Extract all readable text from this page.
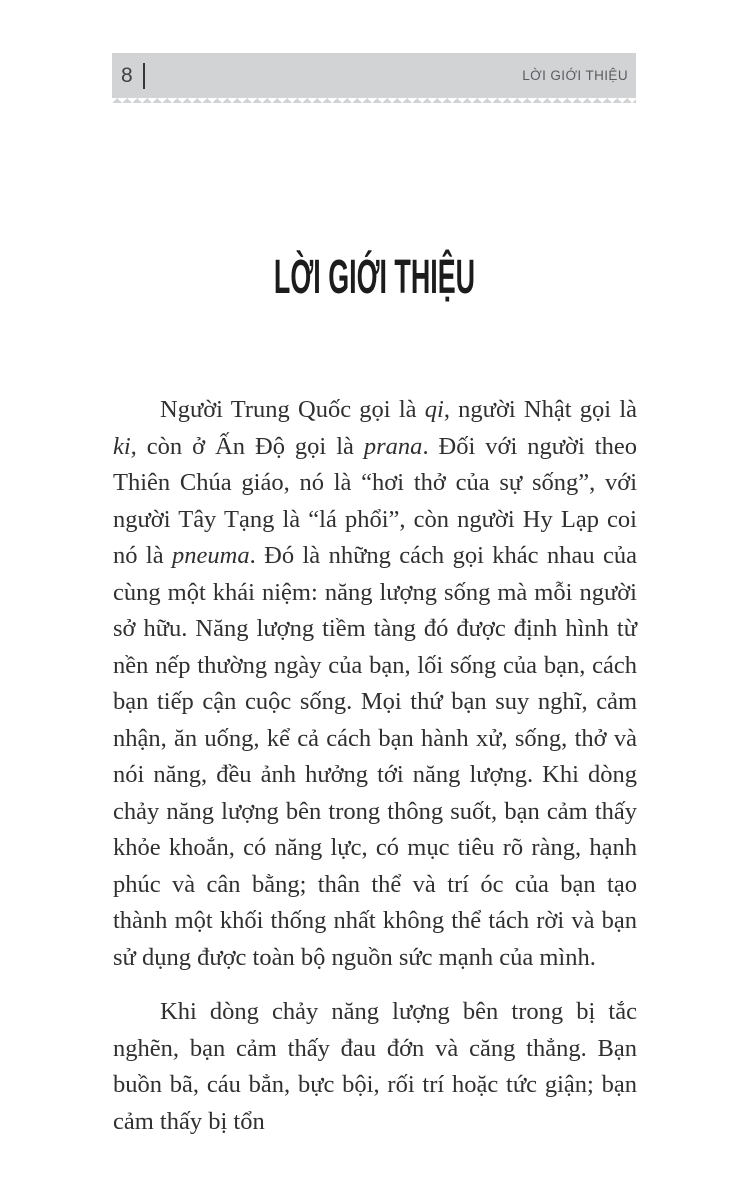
8	LỜI GIỚI THIỆU
LỜI GIỚI THIỆU

Người Trung Quốc gọi là qi, người Nhật gọi là ki, còn ở Ấn Độ gọi là prana. Đối với người theo Thiên Chúa giáo, nó là “hơi thở của sự sống”, với người Tây Tạng là “lá phổi”, còn người Hy Lạp coi nó là pneuma. Đó là những cách gọi khác nhau của cùng một khái niệm: năng lượng sống mà mỗi người sở hữu. Năng lượng tiềm tàng đó được định hình từ nền nếp thường ngày của bạn, lối sống của bạn, cách bạn tiếp cận cuộc sống. Mọi thứ bạn suy nghĩ, cảm nhận, ăn uống, kể cả cách bạn hành xử, sống, thở và nói năng, đều ảnh hưởng tới năng lượng. Khi dòng chảy năng lượng bên trong thông suốt, bạn cảm thấy khỏe khoắn, có năng lực, có mục tiêu rõ ràng, hạnh phúc và cân bằng; thân thể và trí óc của bạn tạo thành một khối thống nhất không thể tách rời và bạn sử dụng được toàn bộ nguồn sức mạnh của mình.

Khi dòng chảy năng lượng bên trong bị tắc nghẽn, bạn cảm thấy đau đớn và căng thẳng. Bạn buồn bã, cáu bẳn, bực bội, rối trí hoặc tức giận; bạn cảm thấy bị tổn
